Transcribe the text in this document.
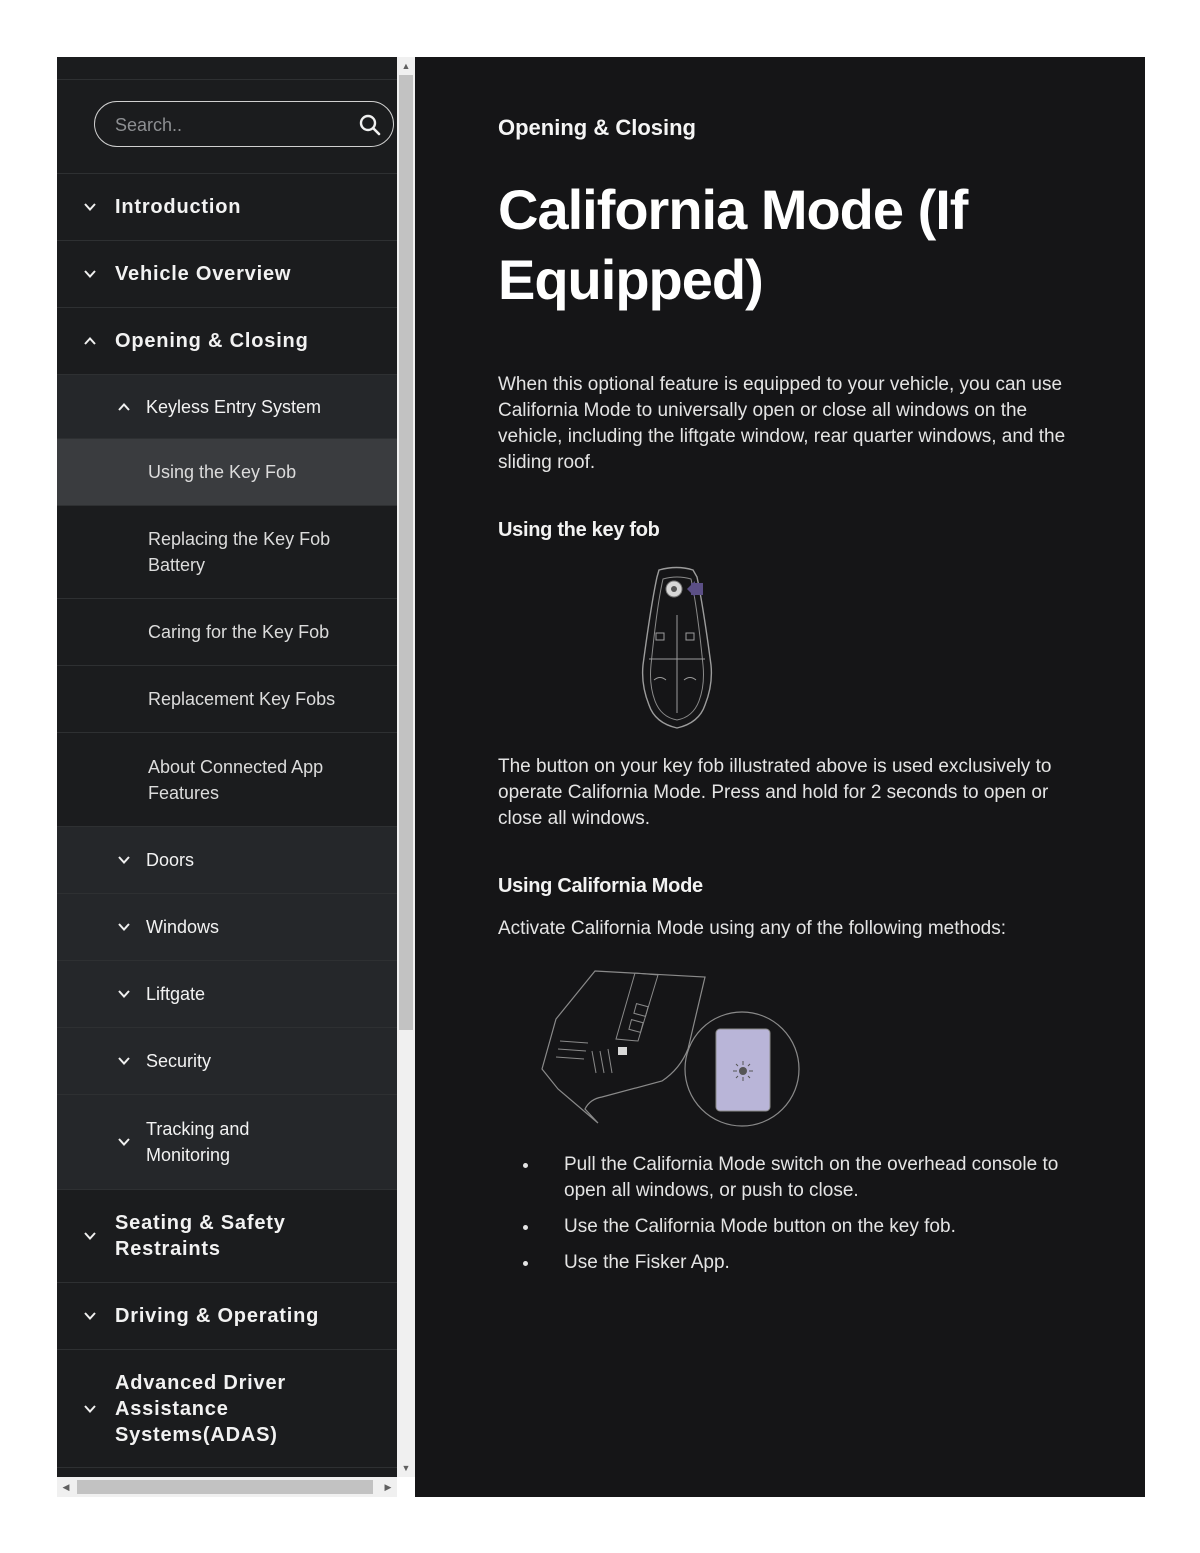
Search..
Introduction
Vehicle Overview
Opening & Closing
Keyless Entry System
Using the Key Fob
Replacing the Key Fob Battery
Caring for the Key Fob
Replacement Key Fobs
About Connected App Features
Doors
Windows
Liftgate
Security
Tracking and Monitoring
Seating & Safety Restraints
Driving & Operating
Advanced Driver Assistance Systems(ADAS)
▲
▼
◀	▶
Opening & Closing
California Mode (If Equipped)

When this optional feature is equipped to your vehicle, you can use California Mode to universally open or close all windows on the vehicle, including the liftgate window, rear quarter windows, and the sliding roof.

Using the key fob

The button on your key fob illustrated above is used exclusively to operate California Mode. Press and hold for 2 seconds to open or close all windows.

Using California Mode

Activate California Mode using any of the following methods:

Pull the California Mode switch on the overhead console to open all windows, or push to close.
Use the California Mode button on the key fob.
Use the Fisker App.
